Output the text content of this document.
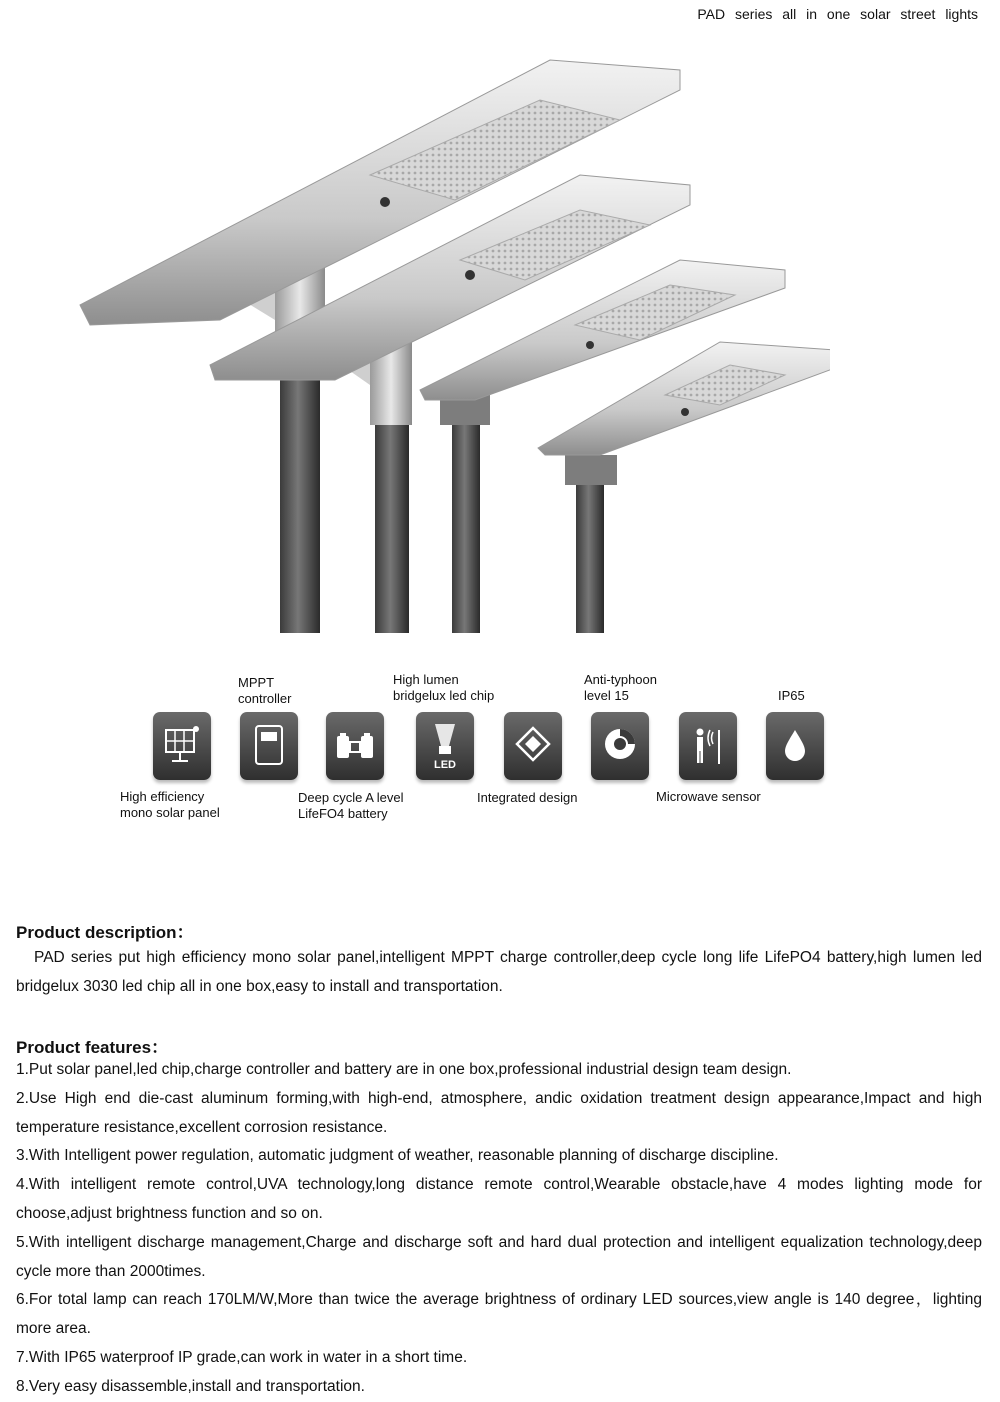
PAD series all in one solar street lights
MPPT
controller
High lumen
bridgelux led chip
Anti-typhoon
level 15	IP65
High efficiency
mono solar panel
Deep cycle A level
LifeFO4 battery
Integrated design	Microwave sensor
LED
Product description：

PAD series put high efficiency mono solar panel,intelligent MPPT charge controller,deep cycle long life LifePO4 battery,high lumen led bridgelux 3030 led chip all in one box,easy to install and transportation.

Product features：
1.Put solar panel,led chip,charge controller and battery are in one box,professional industrial design team design.
2.Use High end die-cast aluminum forming,with high-end, atmosphere, andic oxidation treatment design appearance,Impact and high temperature resistance,excellent corrosion resistance.
3.With Intelligent power regulation, automatic judgment of weather, reasonable planning of discharge discipline.
4.With intelligent remote control,UVA technology,long distance remote control,Wearable obstacle,have 4 modes lighting mode for choose,adjust brightness function and so on.
5.With intelligent discharge management,Charge and discharge soft and hard dual protection and intelligent equalization technology,deep cycle more than 2000times.
6.For total lamp can reach 170LM/W,More than twice the average brightness of ordinary LED sources,view angle is 140 degree，lighting more area.
7.With IP65 waterproof IP grade,can work in water in a short time.
8.Very easy disassemble,install and transportation.
